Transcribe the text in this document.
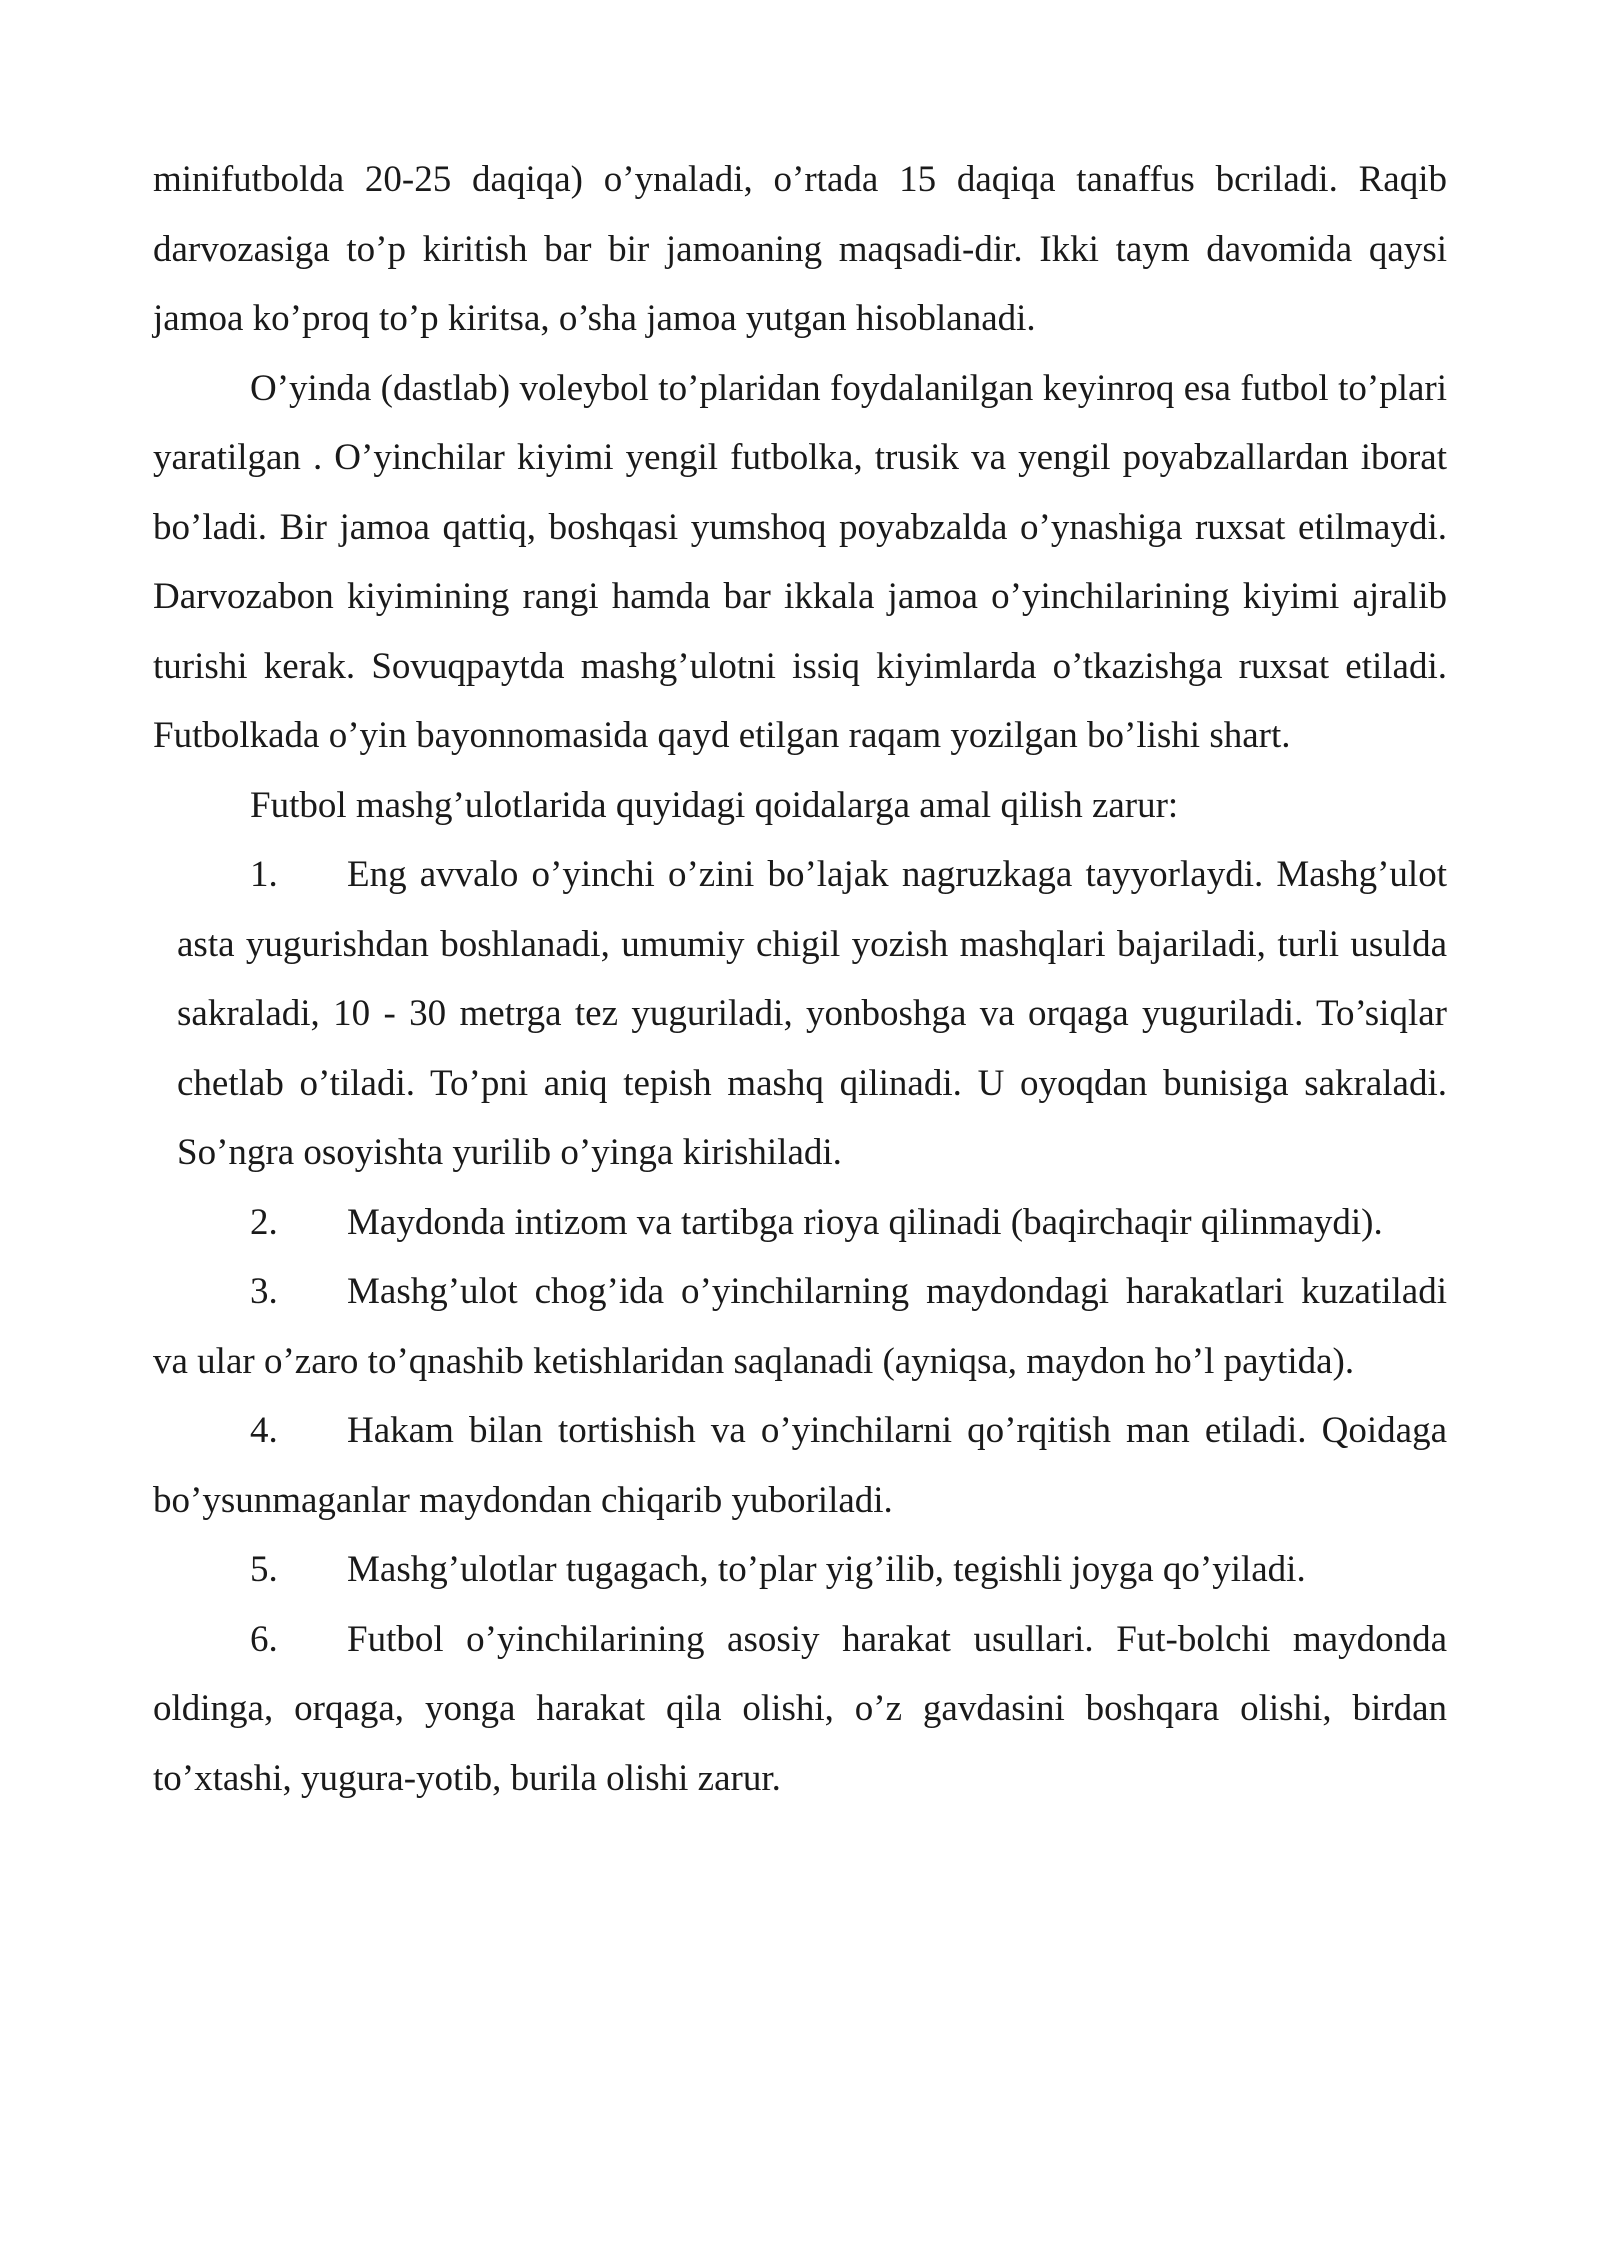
minifutbolda 20-25 daqiqa) o’ynaladi, o’rtada 15 daqiqa tanaffus bcriladi. Raqib darvozasiga to’p kiritish bar bir jamoaning maqsadi-dir. Ikki taym davomida qaysi jamoa ko’proq to’p kiritsa, o’sha jamoa yutgan hisoblanadi.

O’yinda (dastlab) voleybol to’plaridan foydalanilgan keyinroq esa futbol to’plari yaratilgan . O’yinchilar kiyimi yengil futbolka, trusik va yengil poyabzallardan iborat bo’ladi. Bir jamoa qattiq, boshqasi yumshoq poyabzalda o’ynashiga ruxsat etilmaydi. Darvozabon kiyimining rangi hamda bar ikkala jamoa o’yinchilarining kiyimi ajralib turishi kerak. Sovuqpaytda mashg’ulotni issiq kiyimlarda o’tkazishga ruxsat etiladi. Futbolkada o’yin bayonnomasida qayd etilgan raqam yozilgan bo’lishi shart.

Futbol mashg’ulotlarida quyidagi qoidalarga amal qilish zarur:

1. Eng avvalo o’yinchi o’zini bo’lajak nagruzkaga tayyorlaydi. Mashg’ulot asta yugurishdan boshlanadi, umumiy chigil yozish mashqlari bajariladi, turli usulda sakraladi, 10 - 30 metrga tez yuguriladi, yonboshga va orqaga yuguriladi. To’siqlar chetlab o’tiladi. To’pni aniq tepish mashq qilinadi. U oyoqdan bunisiga sakraladi. So’ngra osoyishta yurilib o’yinga kirishiladi.

2. Maydonda intizom va tartibga rioya qilinadi (baqirchaqir qilinmaydi).

3. Mashg’ulot chog’ida o’yinchilarning maydondagi harakatlari kuzatiladi va ular o’zaro to’qnashib ketishlaridan saqlanadi (ayniqsa, maydon ho’l paytida).

4. Hakam bilan tortishish va o’yinchilarni qo’rqitish man etiladi. Qoidaga bo’ysunmaganlar maydondan chiqarib yuboriladi.

5. Mashg’ulotlar tugagach, to’plar yig’ilib, tegishli joyga qo’yiladi.

6. Futbol o’yinchilarining asosiy harakat usullari. Fut-bolchi maydonda oldinga, orqaga, yonga harakat qila olishi, o’z gavdasini boshqara olishi, birdan to’xtashi, yugura-yotib, burila olishi zarur.
